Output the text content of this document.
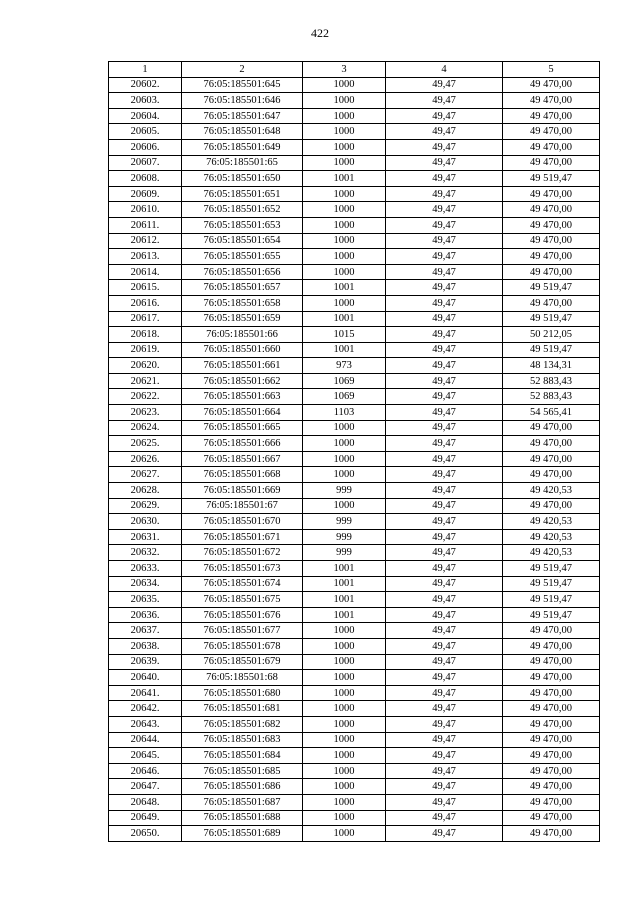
422
1	2	3	4	5
20602.	76:05:185501:645	1000	49,47	49 470,00
20603.	76:05:185501:646	1000	49,47	49 470,00
20604.	76:05:185501:647	1000	49,47	49 470,00
20605.	76:05:185501:648	1000	49,47	49 470,00
20606.	76:05:185501:649	1000	49,47	49 470,00
20607.	76:05:185501:65	1000	49,47	49 470,00
20608.	76:05:185501:650	1001	49,47	49 519,47
20609.	76:05:185501:651	1000	49,47	49 470,00
20610.	76:05:185501:652	1000	49,47	49 470,00
20611.	76:05:185501:653	1000	49,47	49 470,00
20612.	76:05:185501:654	1000	49,47	49 470,00
20613.	76:05:185501:655	1000	49,47	49 470,00
20614.	76:05:185501:656	1000	49,47	49 470,00
20615.	76:05:185501:657	1001	49,47	49 519,47
20616.	76:05:185501:658	1000	49,47	49 470,00
20617.	76:05:185501:659	1001	49,47	49 519,47
20618.	76:05:185501:66	1015	49,47	50 212,05
20619.	76:05:185501:660	1001	49,47	49 519,47
20620.	76:05:185501:661	973	49,47	48 134,31
20621.	76:05:185501:662	1069	49,47	52 883,43
20622.	76:05:185501:663	1069	49,47	52 883,43
20623.	76:05:185501:664	1103	49,47	54 565,41
20624.	76:05:185501:665	1000	49,47	49 470,00
20625.	76:05:185501:666	1000	49,47	49 470,00
20626.	76:05:185501:667	1000	49,47	49 470,00
20627.	76:05:185501:668	1000	49,47	49 470,00
20628.	76:05:185501:669	999	49,47	49 420,53
20629.	76:05:185501:67	1000	49,47	49 470,00
20630.	76:05:185501:670	999	49,47	49 420,53
20631.	76:05:185501:671	999	49,47	49 420,53
20632.	76:05:185501:672	999	49,47	49 420,53
20633.	76:05:185501:673	1001	49,47	49 519,47
20634.	76:05:185501:674	1001	49,47	49 519,47
20635.	76:05:185501:675	1001	49,47	49 519,47
20636.	76:05:185501:676	1001	49,47	49 519,47
20637.	76:05:185501:677	1000	49,47	49 470,00
20638.	76:05:185501:678	1000	49,47	49 470,00
20639.	76:05:185501:679	1000	49,47	49 470,00
20640.	76:05:185501:68	1000	49,47	49 470,00
20641.	76:05:185501:680	1000	49,47	49 470,00
20642.	76:05:185501:681	1000	49,47	49 470,00
20643.	76:05:185501:682	1000	49,47	49 470,00
20644.	76:05:185501:683	1000	49,47	49 470,00
20645.	76:05:185501:684	1000	49,47	49 470,00
20646.	76:05:185501:685	1000	49,47	49 470,00
20647.	76:05:185501:686	1000	49,47	49 470,00
20648.	76:05:185501:687	1000	49,47	49 470,00
20649.	76:05:185501:688	1000	49,47	49 470,00
20650.	76:05:185501:689	1000	49,47	49 470,00
